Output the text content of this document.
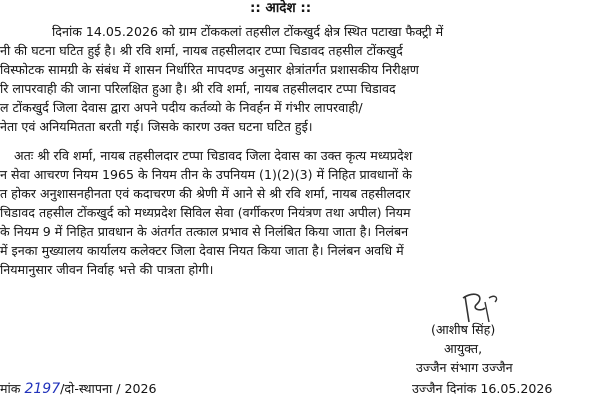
:: आदेश ::
दिनांक 14.05.2026 को ग्राम टोंककलां तहसील टोंकखुर्द क्षेत्र स्थित पटाखा फैक्ट्री में
नी की घटना घटित हुई है। श्री रवि शर्मा, नायब तहसीलदार टप्पा चिडावद तहसील टोंकखुर्द
विस्फोटक सामग्री के संबंध में शासन निर्धारित मापदण्ड अनुसार क्षेत्रांतर्गत प्रशासकीय निरीक्षण
रि लापरवाही की जाना परिलक्षित हुआ है। श्री रवि शर्मा, नायब तहसीलदार टप्पा चिडावद
ल टोंकखुर्द जिला देवास द्वारा अपने पदीय कर्तव्यो के निवर्हन में गंभीर लापरवाही/
नेता एवं अनियमितता बरती गई। जिसके कारण उक्त घटना घटित हुई।
अतः श्री रवि शर्मा, नायब तहसीलदार टप्पा चिडावद जिला देवास का उक्त कृत्य मध्यप्रदेश
न सेवा आचरण नियम 1965 के नियम तीन के उपनियम (1)(2)(3) में निहित प्रावधानों के
त होकर अनुशासनहीनता एवं कदाचरण की श्रेणी में आने से श्री रवि शर्मा, नायब तहसीलदार
चिडावद तहसील टोंकखुर्द को मध्यप्रदेश सिविल सेवा (वर्गीकरण नियंत्रण तथा अपील) नियम
के नियम 9 में निहित प्रावधान के अंतर्गत तत्काल प्रभाव से निलंबित किया जाता है। निलंबन
में इनका मुख्यालय कार्यालय कलेक्टर जिला देवास नियत किया जाता है। निलंबन अवधि में
नियमानुसार जीवन निर्वाह भत्ते की पात्रता होगी।
(आशीष सिंह)
आयुक्त,
उज्जैन संभाग उज्जैन
उज्जैन दिनांक 16.05.2026
मांक 2197/दो-स्थापना / 2026
